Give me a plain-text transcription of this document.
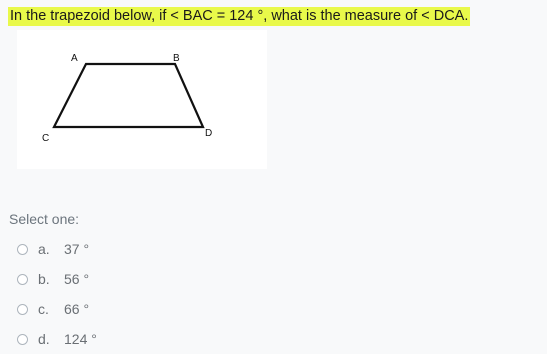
In the trapezoid below, if < BAC = 124 °, what is the measure of < DCA.
A	B
C	D
Select one:
a.	37 °
b.	56 °
c.	66 °
d.	124 °
